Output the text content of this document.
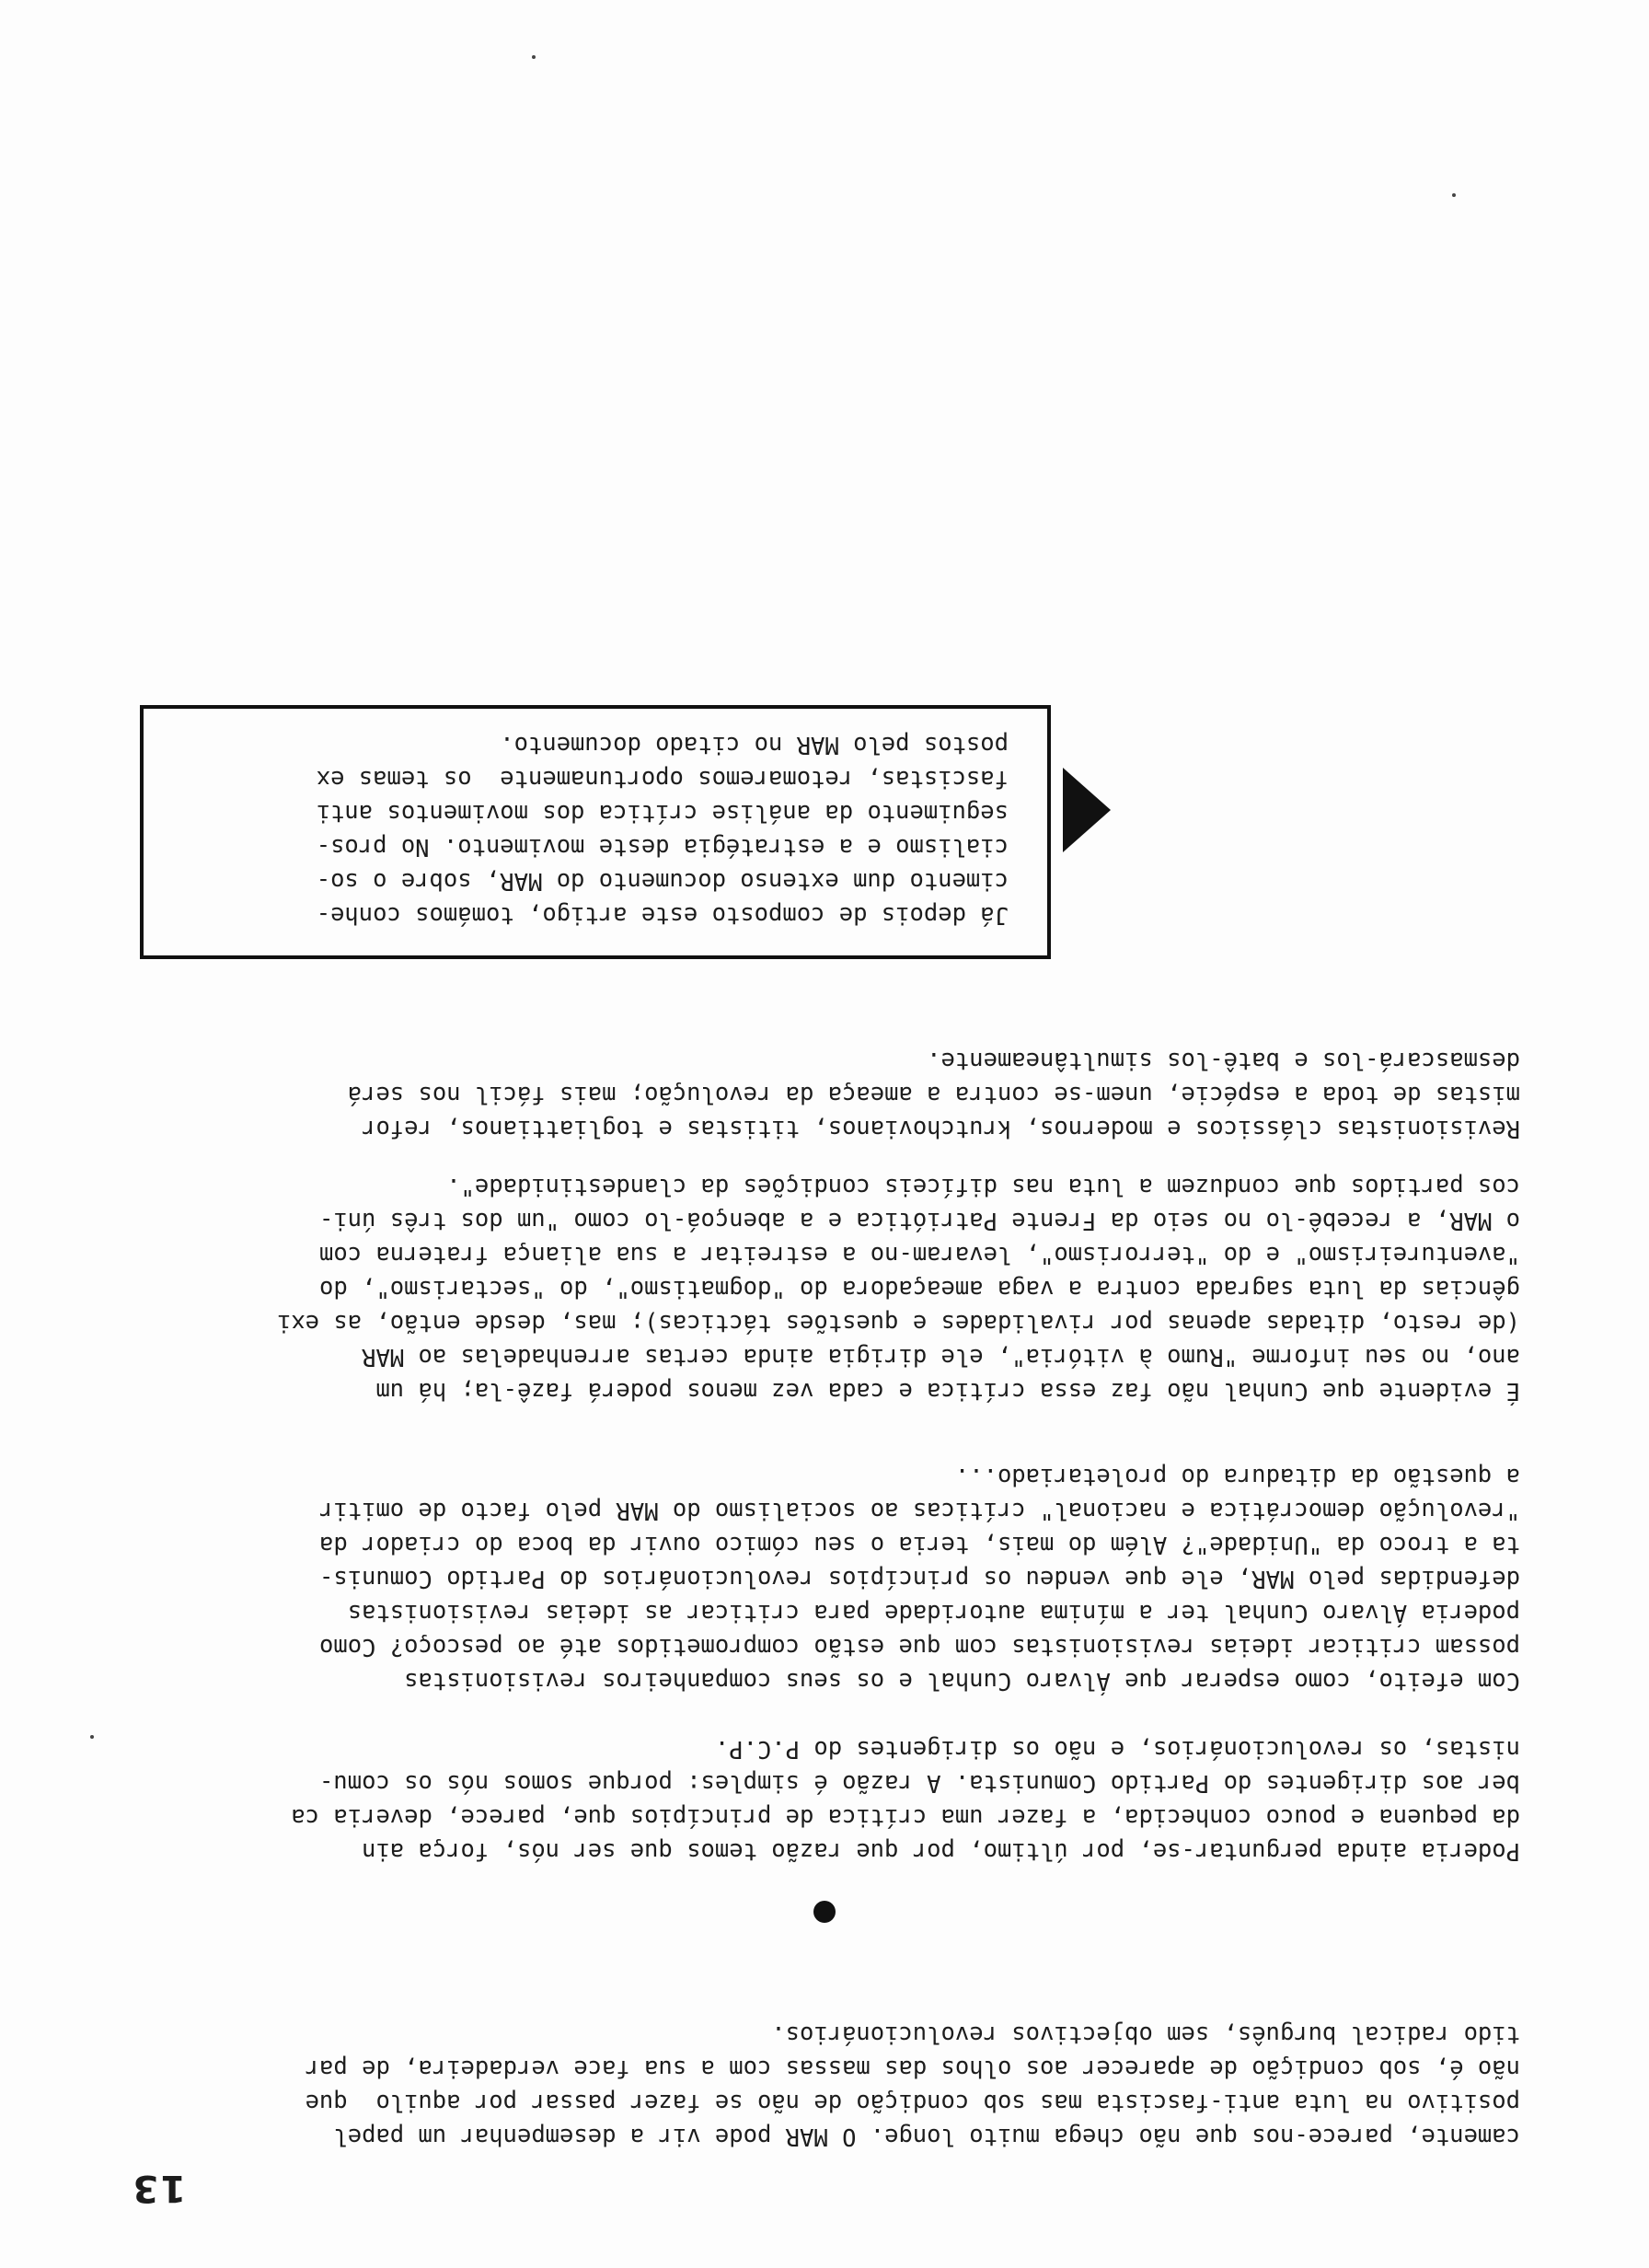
13
camente, parece-nos que não chega muito longe. O MAR pode vir a desempenhar um papel
positivo na luta anti-fascista mas sob condição de não se fazer passar por aquilo  que
não é, sob condição de aparecer aos olhos das massas com a sua face verdadeira, de par
tido radical burguês, sem objectivos revolucionários.
Poderia ainda perguntar-se, por último, por que razão temos que ser nós, força ain
da pequena e pouco conhecida, a fazer uma crítica de princípios que, parece, deveria ca
ber aos dirigentes do Partido Comunista. A razão é simples: porque somos nós os comu-
nistas, os revolucionários, e não os dirigentes do P.C.P.
Com efeito, como esperar que Álvaro Cunhal e os seus companheiros revisionistas
possam criticar ideias revisionistas com que estão comprometidos até ao pescoço? Como
poderia Álvaro Cunhal ter a mínima autoridade para criticar as ideias revisionistas
defendidas pelo MAR, ele que vendeu os princípios revolucionários do Partido Comunis-
ta a troco da "Unidade"? Além do mais, teria o seu cómico ouvir da boca do criador da
"revolução democrática e nacional" críticas ao socialismo do MAR pelo facto de omitir
a questão da ditadura do proletariado...
É evidente que Cunhal não faz essa crítica e cada vez menos poderá fazê-la; há um
ano, no seu informe "Rumo à vitória", ele dirigia ainda certas arrenhadelas ao MAR
(de resto, ditadas apenas por rivalidades e questões tácticas); mas, desde então, as exi
gências da luta sagrada contra a vaga ameaçadora do "dogmatismo", do "sectarismo", do
"aventureirismo" e do "terrorismo", levaram-no a estreitar a sua aliança fraterna com
o MAR, a recebê-lo no seio da Frente Patriótica e a abençoá-lo como "um dos três úni-
cos partidos que conduzem a luta nas difíceis condições da clandestinidade".
Revisionistas clássicos e modernos, krutchovianos, titistas e togliattianos, refor
mistas de toda a espécie, unem-se contra a ameaça da revolução; mais fácil nos será
desmascará-los e batê-los simultâneamente.
Já depois de composto este artigo, tomámos conhe-
cimento dum extenso documento do MAR, sobre o so-
cialismo e a estratégia deste movimento. No pros-
seguimento da análise crítica dos movimentos anti
fascistas, retomaremos oportunamente  os temas ex
postos pelo MAR no citado documento.
